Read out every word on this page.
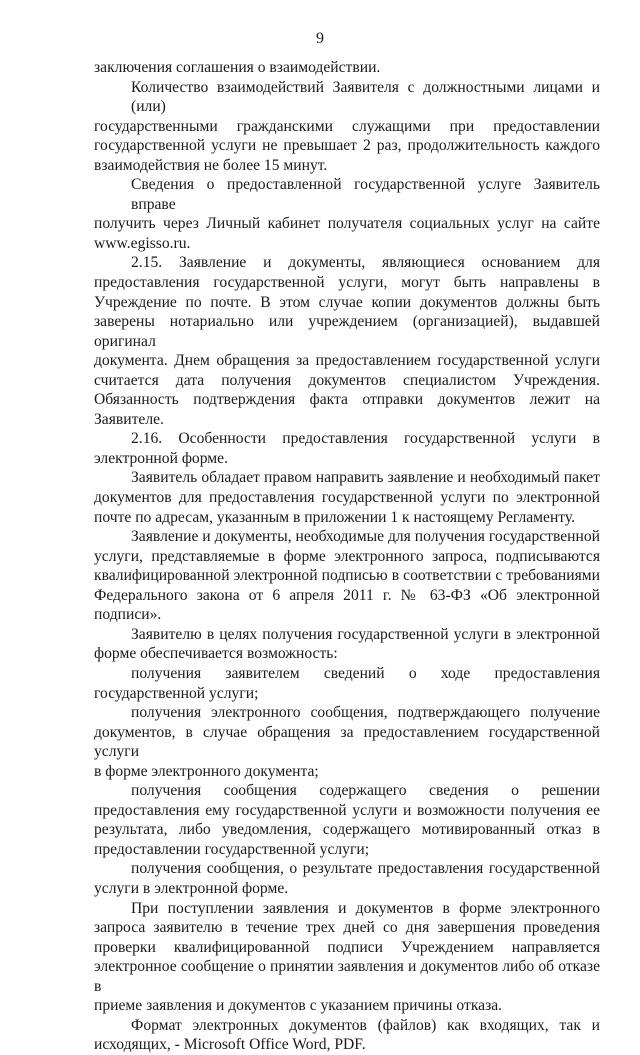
9
заключения соглашения о взаимодействии.
Количество взаимодействий Заявителя с должностными лицами и (или)
государственными гражданскими служащими при предоставлении
государственной услуги не превышает 2 раз, продолжительность каждого
взаимодействия не более 15 минут.
Сведения о предоставленной государственной услуге Заявитель вправе
получить через Личный кабинет получателя социальных услуг на сайте
www.egisso.ru.
2.15. Заявление и документы, являющиеся основанием для
предоставления государственной услуги, могут быть направлены в
Учреждение по почте. В этом случае копии документов должны быть
заверены нотариально или учреждением (организацией), выдавшей оригинал
документа. Днем обращения за предоставлением государственной услуги
считается дата получения документов специалистом Учреждения.
Обязанность подтверждения факта отправки документов лежит на Заявителе.
2.16. Особенности предоставления государственной услуги в
электронной форме.
Заявитель обладает правом направить заявление и необходимый пакет
документов для предоставления государственной услуги по электронной
почте по адресам, указанным в приложении 1 к настоящему Регламенту.
Заявление и документы, необходимые для получения государственной
услуги, представляемые в форме электронного запроса, подписываются
квалифицированной электронной подписью в соответствии с требованиями
Федерального закона от 6 апреля 2011 г. № 63-ФЗ «Об электронной
подписи».
Заявителю в целях получения государственной услуги в электронной
форме обеспечивается возможность:
получения заявителем сведений о ходе предоставления
государственной услуги;
получения электронного сообщения, подтверждающего получение
документов, в случае обращения за предоставлением государственной услуги
в форме электронного документа;
получения сообщения содержащего сведения о решении
предоставления ему государственной услуги и возможности получения ее
результата, либо уведомления, содержащего мотивированный отказ в
предоставлении государственной услуги;
получения сообщения, о результате предоставления государственной
услуги в электронной форме.
При поступлении заявления и документов в форме электронного
запроса заявителю в течение трех дней со дня завершения проведения
проверки квалифицированной подписи Учреждением направляется
электронное сообщение о принятии заявления и документов либо об отказе в
приеме заявления и документов с указанием причины отказа.
Формат электронных документов (файлов) как входящих, так и
исходящих, - Microsoft Office Word, PDF.
